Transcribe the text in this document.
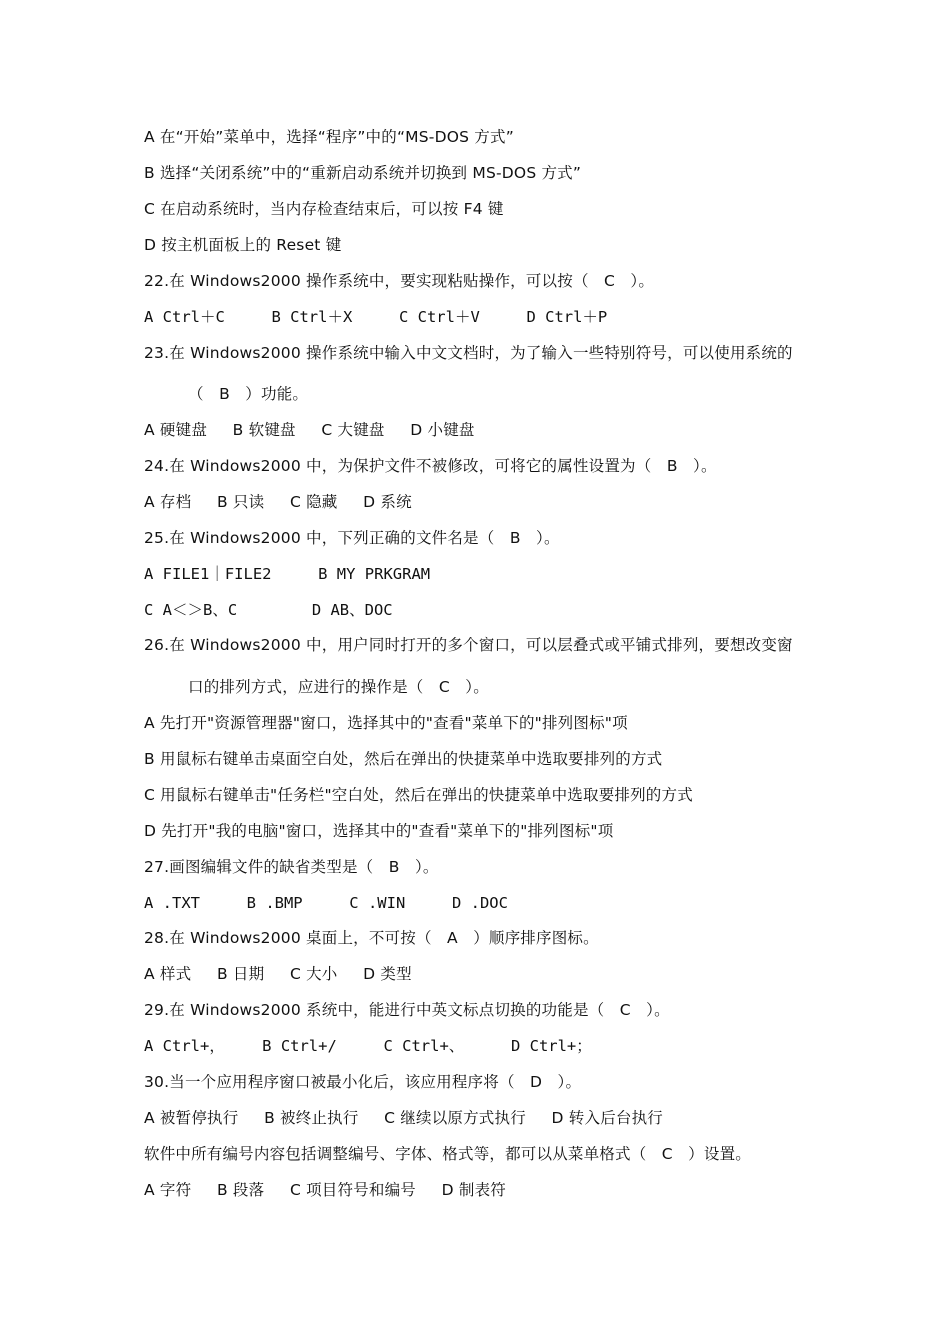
A 在“开始”菜单中，选择“程序”中的“MS-DOS 方式”
B 选择“关闭系统”中的“重新启动系统并切换到 MS-DOS 方式”
C 在启动系统时，当内存检查结束后，可以按 F4 键
D 按主机面板上的 Reset 键
22.在 Windows2000 操作系统中，要实现粘贴操作，可以按（   C   ）。
A Ctrl＋C     B Ctrl＋X     C Ctrl＋V     D Ctrl＋P
23.在 Windows2000 操作系统中输入中文文档时，为了输入一些特别符号，可以使用系统的
（   B   ）功能。
A 硬键盘     B 软键盘     C 大键盘     D 小键盘
24.在 Windows2000 中，为保护文件不被修改，可将它的属性设置为（   B   ）。
A 存档     B 只读     C 隐藏     D 系统
25.在 Windows2000 中，下列正确的文件名是（   B   ）。
A FILE1｜FILE2     B MY PRKGRAM
C A＜＞B、C        D AB、DOC
26.在 Windows2000 中，用户同时打开的多个窗口，可以层叠式或平铺式排列，要想改变窗
口的排列方式，应进行的操作是（   C   ）。
A 先打开"资源管理器"窗口，选择其中的"查看"菜单下的"排列图标"项
B 用鼠标右键单击桌面空白处，然后在弹出的快捷菜单中选取要排列的方式
C 用鼠标右键单击"任务栏"空白处，然后在弹出的快捷菜单中选取要排列的方式
D 先打开"我的电脑"窗口，选择其中的"查看"菜单下的"排列图标"项
27.画图编辑文件的缺省类型是（   B   ）。
A .TXT     B .BMP     C .WIN     D .DOC
28.在 Windows2000 桌面上，不可按（   A   ）顺序排序图标。
A 样式     B 日期     C 大小     D 类型
29.在 Windows2000 系统中，能进行中英文标点切换的功能是（   C   ）。
A Ctrl+，    B Ctrl+/     C Ctrl+、     D Ctrl+；
30.当一个应用程序窗口被最小化后，该应用程序将（   D   ）。
A 被暂停执行     B 被终止执行     C 继续以原方式执行     D 转入后台执行
软件中所有编号内容包括调整编号、字体、格式等，都可以从菜单格式（   C   ）设置。
A 字符     B 段落     C 项目符号和编号     D 制表符
